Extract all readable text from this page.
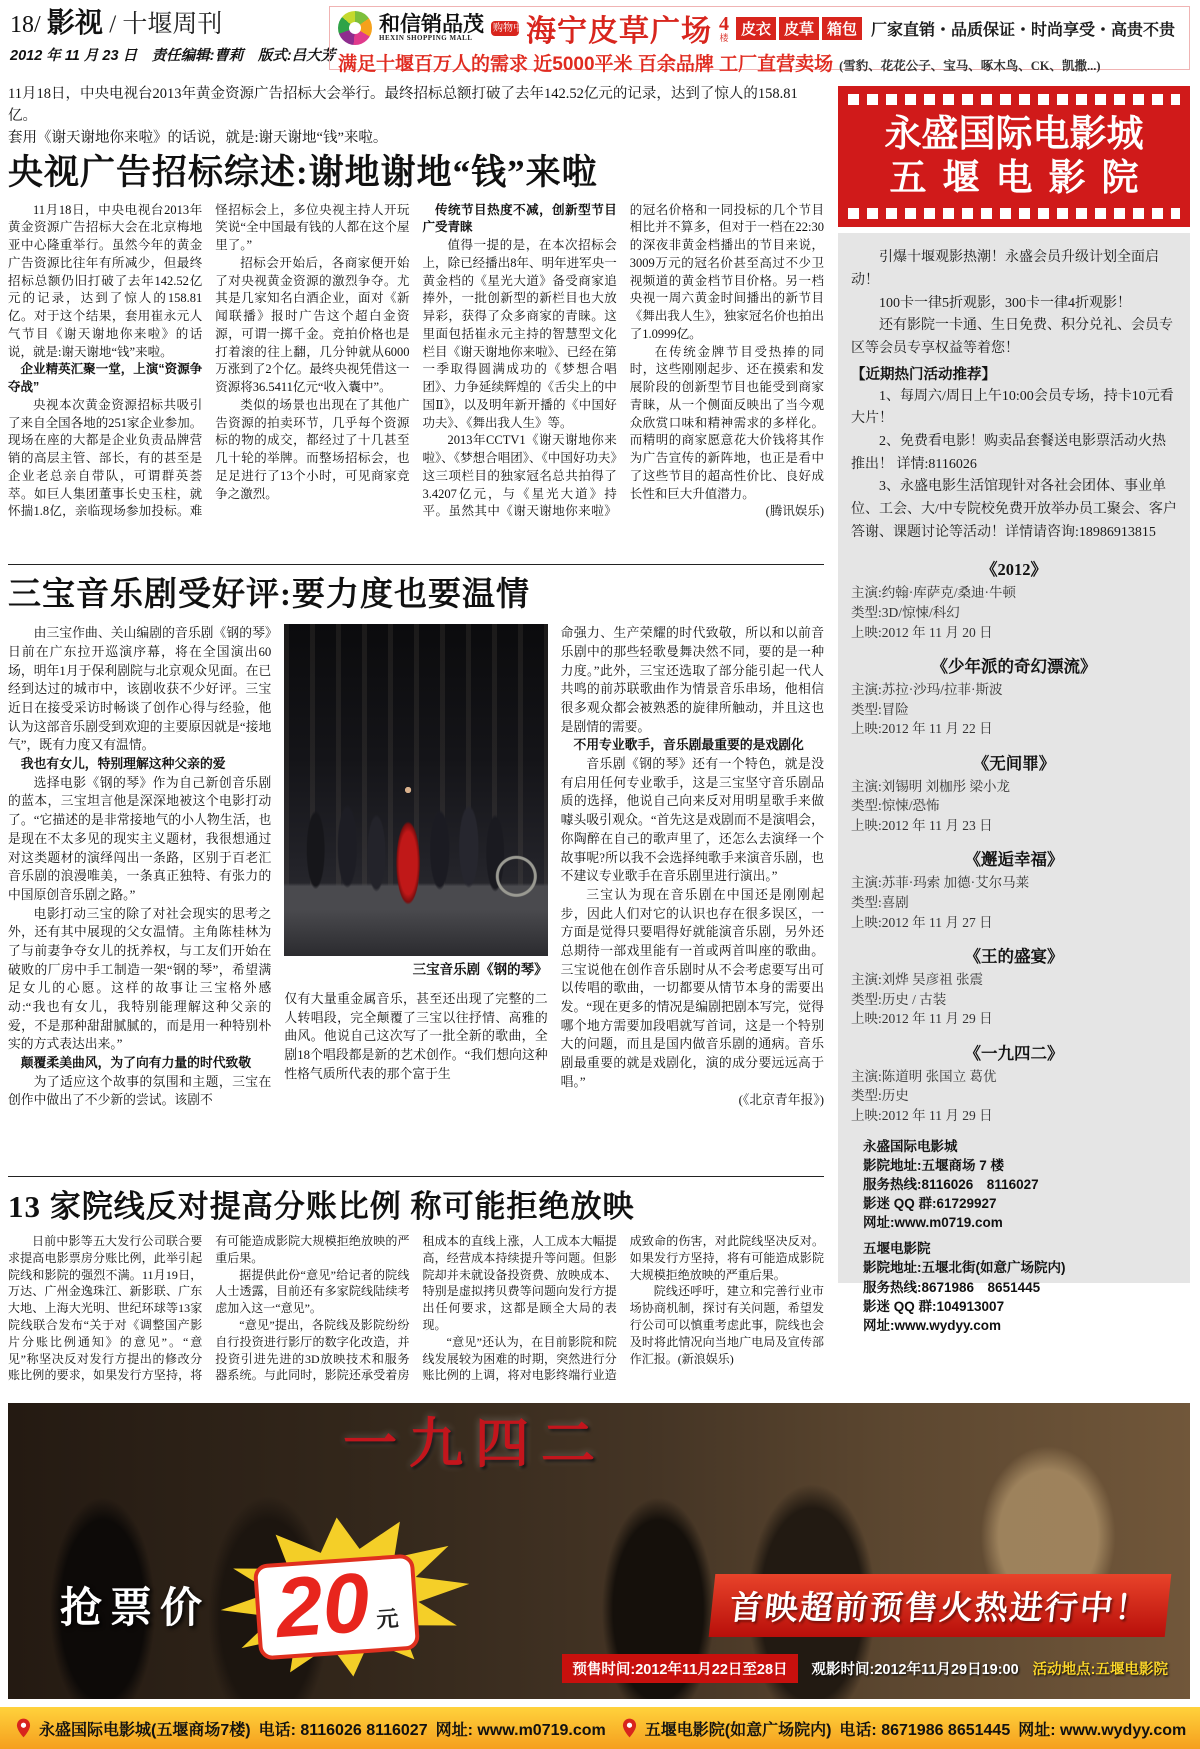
18/ 影视 / 十堰周刊
2012 年 11 月 23 日　责任编辑:曹莉　版式:吕大芳
和信销品茂
HEXIN SHOPPING MALL
购物中心
海宁皮草广场 4
楼 皮衣 皮草 箱包 厂家直销・品质保证・时尚享受・高贵不贵
满足十堰百万人的需求 近5000平米 百余品牌 工厂直营卖场 (雪豹、花花公子、宝马、啄木鸟、CK、凯撒...)
11月18日，中央电视台2013年黄金资源广告招标大会举行。最终招标总额打破了去年142.52亿元的记录，达到了惊人的158.81亿。
套用《谢天谢地你来啦》的话说，就是:谢天谢地“钱”来啦。
央视广告招标综述:谢地谢地“钱”来啦

11月18日，中央电视台2013年黄金资源广告招标大会在北京梅地亚中心隆重举行。虽然今年的黄金广告资源比往年有所减少，但最终招标总额仍旧打破了去年142.52亿元的记录，达到了惊人的158.81亿。对于这个结果，套用崔永元人气节目《谢天谢地你来啦》的话说，就是:谢天谢地“钱”来啦。

企业精英汇聚一堂，上演“资源争夺战”

央视本次黄金资源招标共吸引了来自全国各地的251家企业参加。现场在座的大都是企业负责品牌营销的高层主管、部长，有的甚至是企业老总亲自带队，可谓群英荟萃。如巨人集团董事长史玉柱，就怀揣1.8亿，亲临现场参加投标。难怪招标会上，多位央视主持人开玩笑说“全中国最有钱的人都在这个屋里了。”

招标会开始后，各商家便开始了对央视黄金资源的激烈争夺。尤其是几家知名白酒企业，面对《新闻联播》报时广告这个超白金资源，可谓一掷千金。竞拍价格也是打着滚的往上翻，几分钟就从6000万涨到了2个亿。最终央视凭借这一资源将36.5411亿元“收入囊中”。

类似的场景也出现在了其他广告资源的拍卖环节，几乎每个资源标的物的成交，都经过了十几甚至几十轮的举牌。而整场招标会，也足足进行了13个小时，可见商家竞争之激烈。

传统节目热度不减，创新型节目广受青睐

值得一提的是，在本次招标会上，除已经播出8年、明年进军央一黄金档的《星光大道》备受商家追捧外，一批创新型的新栏目也大放异彩，获得了众多商家的青睐。这里面包括崔永元主持的智慧型文化栏目《谢天谢地你来啦》、已经在第一季取得圆满成功的《梦想合唱团》、力争延续辉煌的《舌尖上的中国Ⅱ》，以及明年新开播的《中国好功夫》、《舞出我人生》等。

2013年CCTV1《谢天谢地你来啦》、《梦想合唱团》、《中国好功夫》这三项栏目的独家冠名总共拍得了3.4207亿元，与《星光大道》持平。虽然其中《谢天谢地你来啦》的冠名价格和一同投标的几个节目相比并不算多，但对于一档在22:30的深夜非黄金档播出的节目来说，3009万元的冠名价甚至高过不少卫视频道的黄金档节目价格。另一档央视一周六黄金时间播出的新节目《舞出我人生》，独家冠名价也拍出了1.0999亿。

在传统金牌节目受热捧的同时，这些刚刚起步、还在摸索和发展阶段的创新型节目也能受到商家青睐，从一个侧面反映出了当今观众欣赏口味和精神需求的多样化。而精明的商家愿意花大价钱将其作为广告宣传的新阵地，也正是看中了这些节目的超高性价比、良好成长性和巨大升值潜力。

(腾讯娱乐)

三宝音乐剧受好评:要力度也要温情

由三宝作曲、关山编剧的音乐剧《钢的琴》日前在广东拉开巡演序幕，将在全国演出60场，明年1月于保利剧院与北京观众见面。在已经到达过的城市中，该剧收获不少好评。三宝近日在接受采访时畅谈了创作心得与经验，他认为这部音乐剧受到欢迎的主要原因就是“接地气”，既有力度又有温情。

我也有女儿，特别理解这种父亲的爱

选择电影《钢的琴》作为自己新创音乐剧的蓝本，三宝坦言他是深深地被这个电影打动了。“它描述的是非常接地气的小人物生活，也是现在不太多见的现实主义题材，我很想通过对这类题材的演绎闯出一条路，区别于百老汇音乐剧的浪漫唯美，一条真正独特、有张力的中国原创音乐剧之路。”

电影打动三宝的除了对社会现实的思考之外，还有其中展现的父女温情。主角陈桂林为了与前妻争夺女儿的抚养权，与工友们开始在破败的厂房中手工制造一架“钢的琴”，希望满足女儿的心愿。这样的故事让三宝格外感动:“我也有女儿，我特别能理解这种父亲的爱，不是那种甜甜腻腻的，而是用一种特别朴实的方式表达出来。”

颠覆柔美曲风，为了向有力量的时代致敬

为了适应这个故事的氛围和主题，三宝在创作中做出了不少新的尝试。该剧不

三宝音乐剧《钢的琴》

仅有大量重金属音乐，甚至还出现了完整的二人转唱段，完全颠覆了三宝以往抒情、高雅的曲风。他说自己这次写了一批全新的歌曲，全剧18个唱段都是新的艺术创作。“我们想向这种性格气质所代表的那个富于生

命强力、生产荣耀的时代致敬，所以和以前音乐剧中的那些轻歌曼舞决然不同，要的是一种力度。”此外，三宝还选取了部分能引起一代人共鸣的前苏联歌曲作为情景音乐串场，他相信很多观众都会被熟悉的旋律所触动，并且这也是剧情的需要。

不用专业歌手，音乐剧最重要的是戏剧化

音乐剧《钢的琴》还有一个特色，就是没有启用任何专业歌手，这是三宝坚守音乐剧品质的选择，他说自己向来反对用明星歌手来做噱头吸引观众。“首先这是戏剧而不是演唱会，你陶醉在自己的歌声里了，还怎么去演绎一个故事呢?所以我不会选择纯歌手来演音乐剧，也不建议专业歌手在音乐剧里进行演出。”

三宝认为现在音乐剧在中国还是刚刚起步，因此人们对它的认识也存在很多误区，一方面是觉得只要唱得好就能演音乐剧，另外还总期待一部戏里能有一首或两首叫座的歌曲。三宝说他在创作音乐剧时从不会考虑要写出可以传唱的歌曲，一切都要从情节本身的需要出发。“现在更多的情况是编剧把剧本写完，觉得哪个地方需要加段唱就写首词，这是一个特别大的问题，而且是国内做音乐剧的通病。音乐剧最重要的就是戏剧化，演的成分要远远高于唱。”

(《北京青年报》)

13 家院线反对提高分账比例 称可能拒绝放映

日前中影等五大发行公司联合要求提高电影票房分账比例，此举引起院线和影院的强烈不满。11月19日，万达、广州金逸珠江、新影联、广东大地、上海大光明、世纪环球等13家院线联合发布“关于对《调整国产影片分账比例通知》的意见”。“意见”称坚决反对发行方提出的修改分账比例的要求，如果发行方坚持，将有可能造成影院大规模拒绝放映的严重后果。

据提供此份“意见”给记者的院线人士透露，目前还有多家院线陆续考虑加入这一“意见”。

“意见”提出，各院线及影院纷纷自行投资进行影厅的数字化改造，并投资引进先进的3D放映技术和服务器系统。与此同时，影院还承受着房租成本的直线上涨，人工成本大幅提高，经营成本持续提升等问题。但影院却并未就设备投资费、放映成本、特别是虚拟拷贝费等问题向发行方提出任何要求，这都是顾全大局的表现。

“意见”还认为，在目前影院和院线发展较为困难的时期，突然进行分账比例的上调，将对电影终端行业造成致命的伤害，对此院线坚决反对。如果发行方坚持，将有可能造成影院大规模拒绝放映的严重后果。

院线还呼吁，建立和完善行业市场协商机制，探讨有关问题，希望发行公司可以慎重考虑此事，院线也会及时将此情况向当地广电局及宣传部作汇报。(新浪娱乐)

永盛国际电影城
五堰电影院

引爆十堰观影热潮！永盛会员升级计划全面启动！

100卡一律5折观影，300卡一律4折观影！

还有影院一卡通、生日免费、积分兑礼、会员专区等会员专享权益等着您！

【近期热门活动推荐】

1、每周六/周日上午10:00会员专场，持卡10元看大片！

2、免费看电影！购卖品套餐送电影票活动火热推出！ 详情:8116026

3、永盛电影生活馆现针对各社会团体、事业单位、工会、大/中专院校免费开放举办员工聚会、客户答谢、课题讨论等活动！详情请咨询:18986913815

《2012》

主演:约翰·库萨克/桑迪·牛顿

类型:3D/惊悚/科幻

上映:2012 年 11 月 20 日

《少年派的奇幻漂流》

主演:苏拉·沙玛/拉菲·斯波

类型:冒险

上映:2012 年 11 月 22 日

《无间罪》

主演:刘锡明 刘枷彤 梁小龙

类型:惊悚/恐怖

上映:2012 年 11 月 23 日

《邂逅幸福》

主演:苏菲·玛索 加德·艾尔马莱

类型:喜剧

上映:2012 年 11 月 27 日

《王的盛宴》

主演:刘烨 吴彦祖 张震

类型:历史 / 古装

上映:2012 年 11 月 29 日

《一九四二》

主演:陈道明 张国立 葛优

类型:历史

上映:2012 年 11 月 29 日

永盛国际电影城

影院地址:五堰商场 7 楼

服务热线:8116026　8116027

影迷 QQ 群:61729927

网址:www.m0719.com

五堰电影院

影院地址:五堰北街(如意广场院内)

服务热线:8671986　8651445

影迷 QQ 群:104913007

网址:www.wydyy.com

一九四二
抢票价 20 元	首映超前预售火热进行中！
预售时间:2012年11月22日至28日	观影时间:2012年11月29日19:00 活动地点:五堰电影院
永盛国际电影城(五堰商场7楼) 电话: 8116026 8116027 网址: www.m0719.com 五堰电影院(如意广场院内) 电话: 8671986 8651445 网址: www.wydyy.com
